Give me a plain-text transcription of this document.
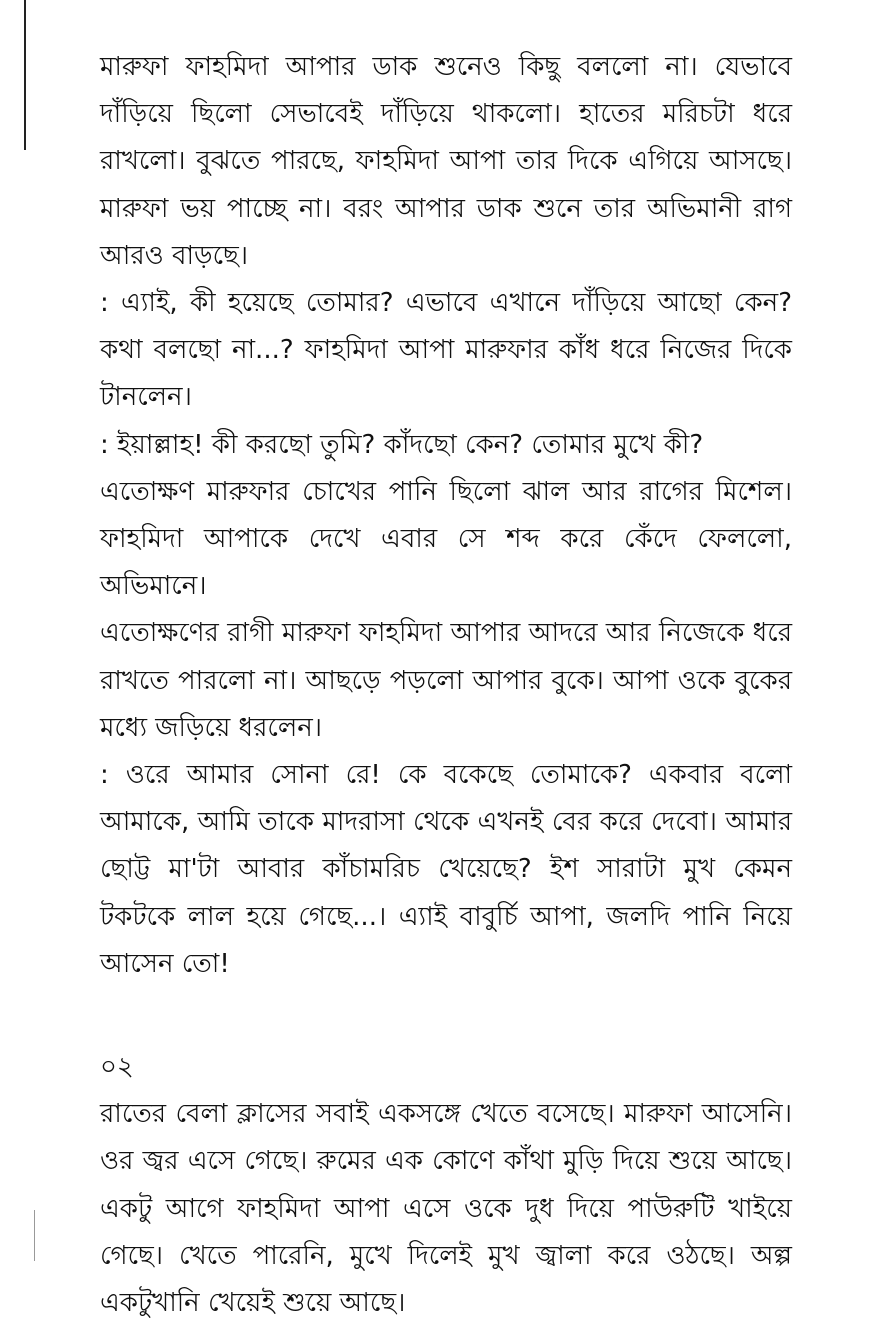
মারুফা ফাহমিদা আপার ডাক শুনেও কিছু বললো না। যেভাবে দাঁড়িয়ে ছিলো সেভাবেই দাঁড়িয়ে থাকলো। হাতের মরিচটা ধরে রাখলো। বুঝতে পারছে, ফাহমিদা আপা তার দিকে এগিয়ে আসছে। মারুফা ভয় পাচ্ছে না। বরং আপার ডাক শুনে তার অভিমানী রাগ আরও বাড়ছে।

: এ্যাই, কী হয়েছে তোমার? এভাবে এখানে দাঁড়িয়ে আছো কেন? কথা বলছো না...? ফাহমিদা আপা মারুফার কাঁধ ধরে নিজের দিকে টানলেন।

: ইয়াল্লাহ! কী করছো তুমি? কাঁদছো কেন? তোমার মুখে কী?

এতোক্ষণ মারুফার চোখের পানি ছিলো ঝাল আর রাগের মিশেল। ফাহমিদা আপাকে দেখে এবার সে শব্দ করে কেঁদে ফেললো, অভিমানে।

এতোক্ষণের রাগী মারুফা ফাহমিদা আপার আদরে আর নিজেকে ধরে রাখতে পারলো না। আছড়ে পড়লো আপার বুকে। আপা ওকে বুকের মধ্যে জড়িয়ে ধরলেন।

: ওরে আমার সোনা রে! কে বকেছে তোমাকে? একবার বলো আমাকে, আমি তাকে মাদরাসা থেকে এখনই বের করে দেবো। আমার ছোট্ট মা'টা আবার কাঁচামরিচ খেয়েছে? ইশ সারাটা মুখ কেমন টকটকে লাল হয়ে গেছে...। এ্যাই বাবুর্চি আপা, জলদি পানি নিয়ে আসেন তো!

০২

রাতের বেলা ক্লাসের সবাই একসঙ্গে খেতে বসেছে। মারুফা আসেনি। ওর জ্বর এসে গেছে। রুমের এক কোণে কাঁথা মুড়ি দিয়ে শুয়ে আছে। একটু আগে ফাহমিদা আপা এসে ওকে দুধ দিয়ে পাউরুটি খাইয়ে গেছে। খেতে পারেনি, মুখে দিলেই মুখ জ্বালা করে ওঠছে। অল্প একটুখানি খেয়েই শুয়ে আছে।
